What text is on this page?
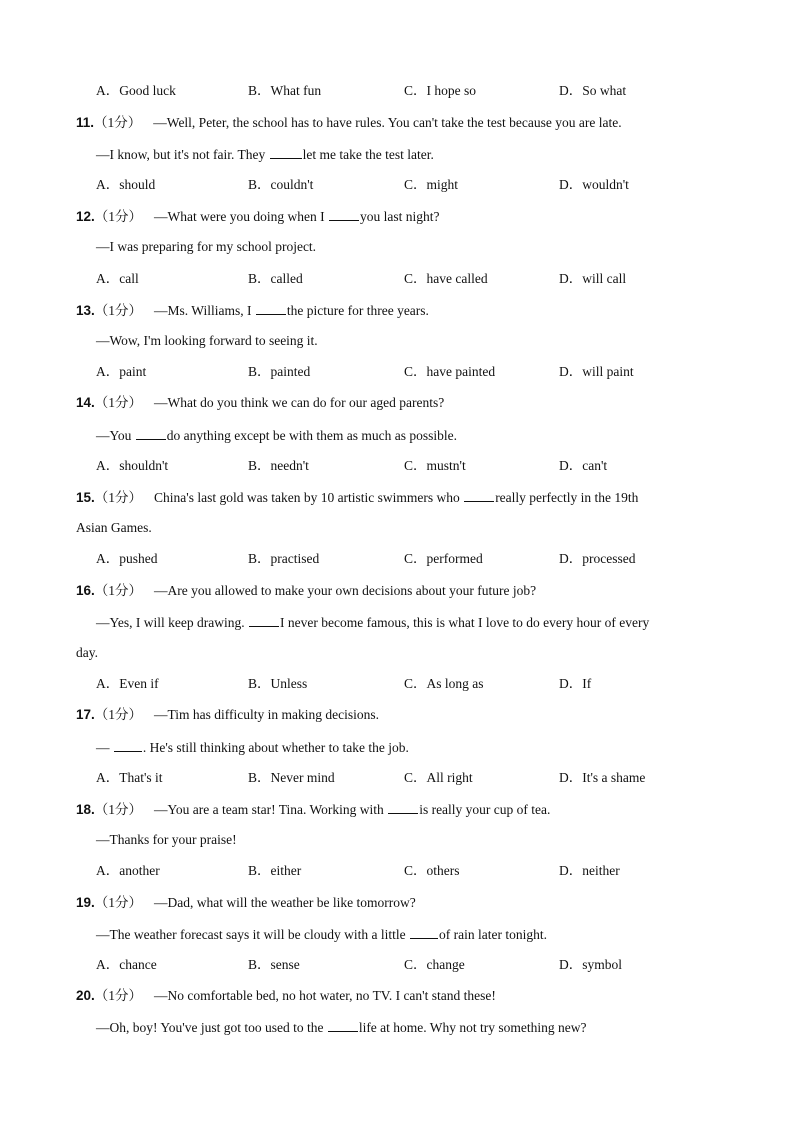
A．Good luck	B．What fun	C．I hope so	D．So what
11.（1分） —Well, Peter, the school has to have rules. You can't take the test because you are late.
—I know, but it's not fair. They	let me take the test later.
A．should	B．couldn't	C．might	D．wouldn't
12.（1分） —What were you doing when I you last night?
—I was preparing for my school project.
A．call	B．called	C．have called	D．will call
13.（1分） —Ms. Williams, I the picture for three years.
—Wow, I'm looking forward to seeing it.
A．paint	B．painted	C．have painted	D．will paint
14.（1分） —What do you think we can do for our aged parents?
—You do anything except be with them as much as possible.
A．shouldn't	B．needn't	C．mustn't	D．can't
15.（1分） China's last gold was taken by 10 artistic swimmers who really perfectly in the 19th
Asian Games.
A．pushed	B．practised	C．performed	D．processed
16.（1分） —Are you allowed to make your own decisions about your future job?
—Yes, I will keep drawing. I never become famous, this is what I love to do every hour of every
day.
A．Even if	B．Unless	C．As long as	D．If
17.（1分） —Tim has difficulty in making decisions.
— . He's still thinking about whether to take the job.
A．That's it	B．Never mind	C．All right	D．It's a shame
18.（1分） —You are a team star! Tina. Working with is really your cup of tea.
—Thanks for your praise!
A．another	B．either	C．others	D．neither
19.（1分） —Dad, what will the weather be like tomorrow?
—The weather forecast says it will be cloudy with a little of rain later tonight.
A．chance	B．sense	C．change	D．symbol
20.（1分） —No comfortable bed, no hot water, no TV. I can't stand these!
—Oh, boy! You've just got too used to the life at home. Why not try something new?
